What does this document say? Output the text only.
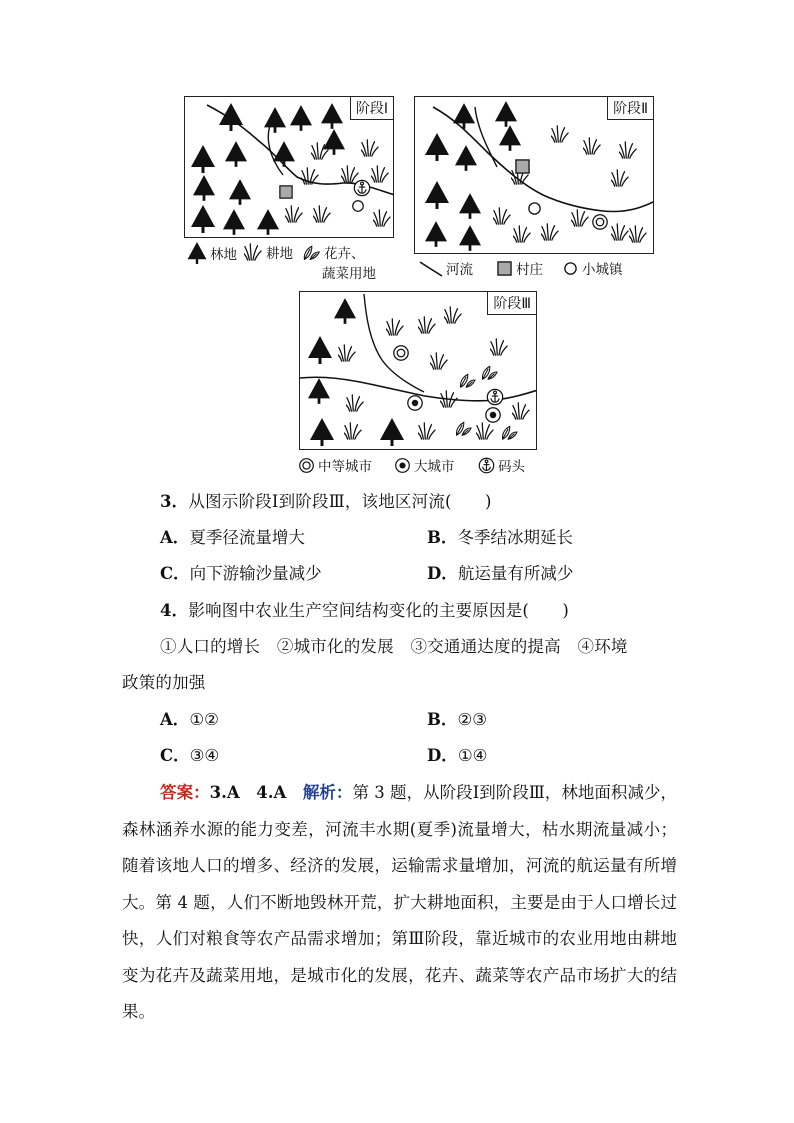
阶段Ⅰ	阶段Ⅱ
林地 耕地 花卉、
蔬菜用地	河流	村庄	小城镇
阶段Ⅲ
中等城市	大城市	码头
3．从图示阶段Ⅰ到阶段Ⅲ，该地区河流(　　)
A．夏季径流量增大	B．冬季结冰期延长
C．向下游输沙量减少	D．航运量有所减少
4．影响图中农业生产空间结构变化的主要原因是(　　)
①人口的增长　②城市化的发展　③交通通达度的提高　④环境
政策的加强
A．①②	B．②③
C．③④	D．①④
答案：3.A　4.A　 解析：第 3 题，从阶段Ⅰ到阶段Ⅲ，林地面积减少，森林涵养水源的能力变差，河流丰水期(夏季)流量增大，枯水期流量减小；随着该地人口的增多、经济的发展，运输需求量增加，河流的航运量有所增大。第 4 题，人们不断地毁林开荒，扩大耕地面积，主要是由于人口增长过快，人们对粮食等农产品需求增加；第Ⅲ阶段，靠近城市的农业用地由耕地变为花卉及蔬菜用地，是城市化的发展，花卉、蔬菜等农产品市场扩大的结果。
